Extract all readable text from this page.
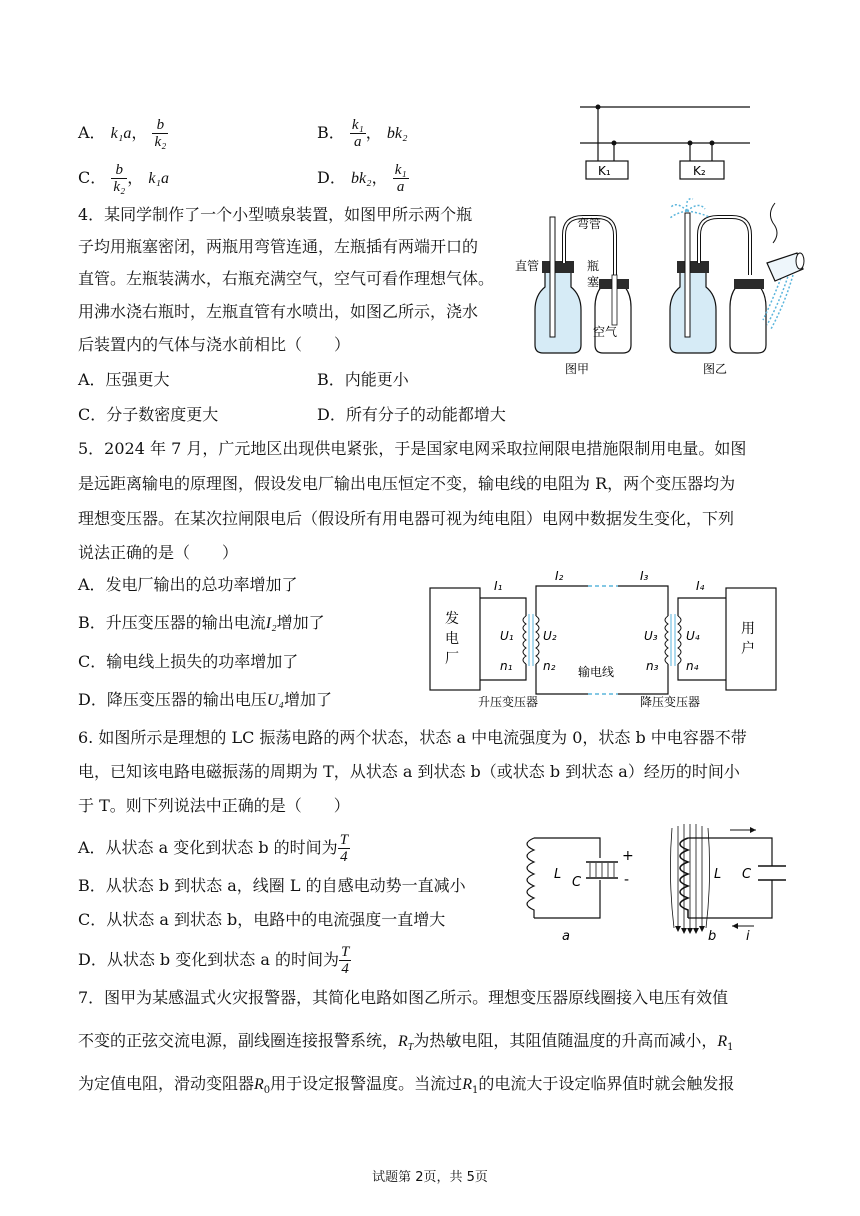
A． k₁a， $\frac{b}{\text{k₂}}$	B． $\frac{\text{k₁}}{a}$ ， bk₂
C． $\frac{b}{\text{k₂}}$ ， k₁a	D． bk₂， $\frac{\text{k₁}}{a}$	K₁	K₂
4．某同学制作了一个小型喷泉装置，如图甲所示两个瓶
子均用瓶塞密闭，两瓶用弯管连通，左瓶插有两端开口的
直管。左瓶装满水，右瓶充满空气，空气可看作理想气体。
用沸水浇右瓶时，左瓶直管有水喷出，如图乙所示，浇水
后装置内的气体与浇水前相比（　　）
A．压强更大	B．内能更小
C．分子数密度更大	D．所有分子的动能都增大
弯管
直管	瓶
塞
空气
图甲	图乙
5．2024 年 7 月，广元地区出现供电紧张，于是国家电网采取拉闸限电措施限制用电量。如图
是远距离输电的原理图，假设发电厂输出电压恒定不变，输电线的电阻为 R，两个变压器均为
理想变压器。在某次拉闸限电后（假设所有用电器可视为纯电阻）电网中数据发生变化，下列
说法正确的是（　　）
A．发电厂输出的总功率增加了
B．升压变压器的输出电流I₂增加了
C．输电线上损失的功率增加了
D．降压变压器的输出电压U₄增加了
发
电
厂
用
户
I₁
I₂	I₃
I₄
U₁ U₂	U₃ U₄
n₁	n₂	n₃ n₄
输电线
升压变压器	降压变压器
6. 如图所示是理想的 LC 振荡电路的两个状态，状态 a 中电流强度为 0，状态 b 中电容器不带
电，已知该电路电磁振荡的周期为 T，从状态 a 到状态 b（或状态 b 到状态 a）经历的时间小
于 T。则下列说法中正确的是（　　）
A．从状态 a 变化到状态 b 的时间为 $\frac{T}{4}$
B．从状态 b 到状态 a，线圈 L 的自感电动势一直减小
C．从状态 a 到状态 b，电路中的电流强度一直增大
D．从状态 b 变化到状态 a 的时间为 $\frac{T}{4}$
L
C
+
-
a
L C
i
b
7．图甲为某感温式火灾报警器，其简化电路如图乙所示。理想变压器原线圈接入电压有效值
不变的正弦交流电源，副线圈连接报警系统，$R_T$为热敏电阻，其阻值随温度的升高而减小，$R_1$
为定值电阻，滑动变阻器$R_0$用于设定报警温度。当流过$R_1$的电流大于设定临界值时就会触发报
试题第 2页，共 5页
